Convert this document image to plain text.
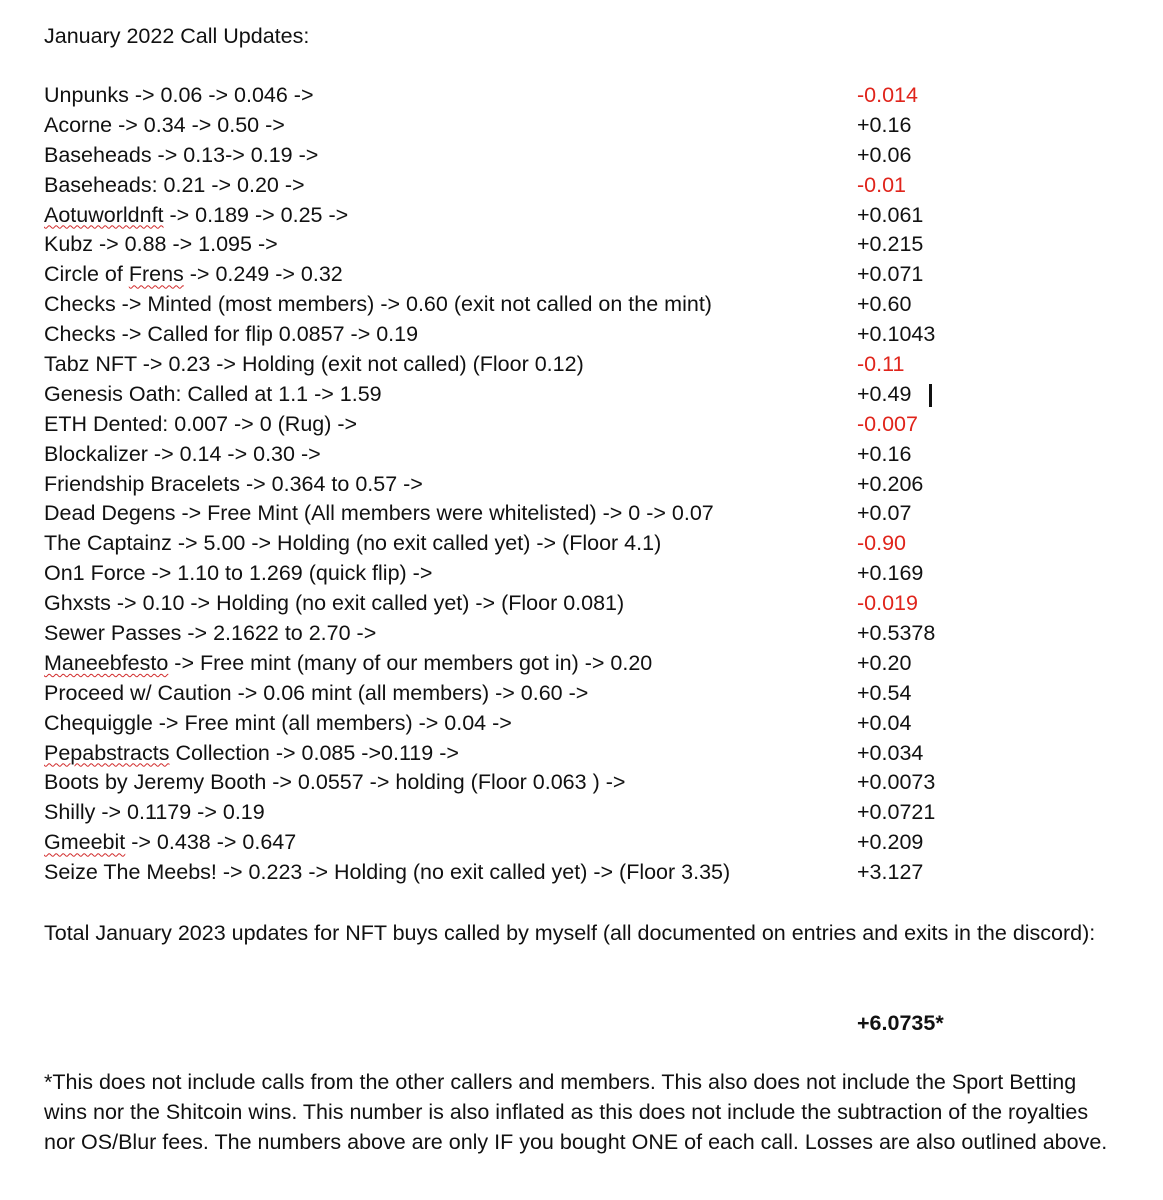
January 2022 Call Updates:
Unpunks -> 0.06 -> 0.046 ->	-0.014
Acorne -> 0.34 -> 0.50 ->	+0.16
Baseheads -> 0.13-> 0.19 ->	+0.06
Baseheads: 0.21 -> 0.20 ->	-0.01
Aotuworldnft -> 0.189 -> 0.25 ->	+0.061
Kubz -> 0.88 -> 1.095 ->	+0.215
Circle of Frens -> 0.249 -> 0.32	+0.071
Checks -> Minted (most members) -> 0.60 (exit not called on the mint)	+0.60
Checks -> Called for flip 0.0857 -> 0.19	+0.1043
Tabz NFT -> 0.23 -> Holding (exit not called) (Floor 0.12)	-0.11
Genesis Oath: Called at 1.1 -> 1.59	+0.49
ETH Dented: 0.007 -> 0 (Rug) ->	-0.007
Blockalizer -> 0.14 -> 0.30 ->	+0.16
Friendship Bracelets -> 0.364 to 0.57 ->	+0.206
Dead Degens -> Free Mint (All members were whitelisted) -> 0 -> 0.07	+0.07
The Captainz -> 5.00 -> Holding (no exit called yet) -> (Floor 4.1)	-0.90
On1 Force -> 1.10 to 1.269 (quick flip) ->	+0.169
Ghxsts -> 0.10 -> Holding (no exit called yet) -> (Floor 0.081)	-0.019
Sewer Passes -> 2.1622 to 2.70 ->	+0.5378
Maneebfesto -> Free mint (many of our members got in) -> 0.20	+0.20
Proceed w/ Caution -> 0.06 mint (all members) -> 0.60 ->	+0.54
Chequiggle -> Free mint (all members) -> 0.04 ->	+0.04
Pepabstracts Collection -> 0.085 ->0.119 ->	+0.034
Boots by Jeremy Booth -> 0.0557 -> holding (Floor 0.063 ) ->	+0.0073
Shilly -> 0.1179 -> 0.19	+0.0721
Gmeebit -> 0.438 -> 0.647	+0.209
Seize The Meebs! -> 0.223 -> Holding (no exit called yet) -> (Floor 3.35)	+3.127
Total January 2023 updates for NFT buys called by myself (all documented on entries and exits in the discord):
+6.0735*
*This does not include calls from the other callers and members. This also does not include the Sport Betting wins nor the Shitcoin wins. This number is also inflated as this does not include the subtraction of the royalties nor OS/Blur fees. The numbers above are only IF you bought ONE of each call. Losses are also outlined above.
